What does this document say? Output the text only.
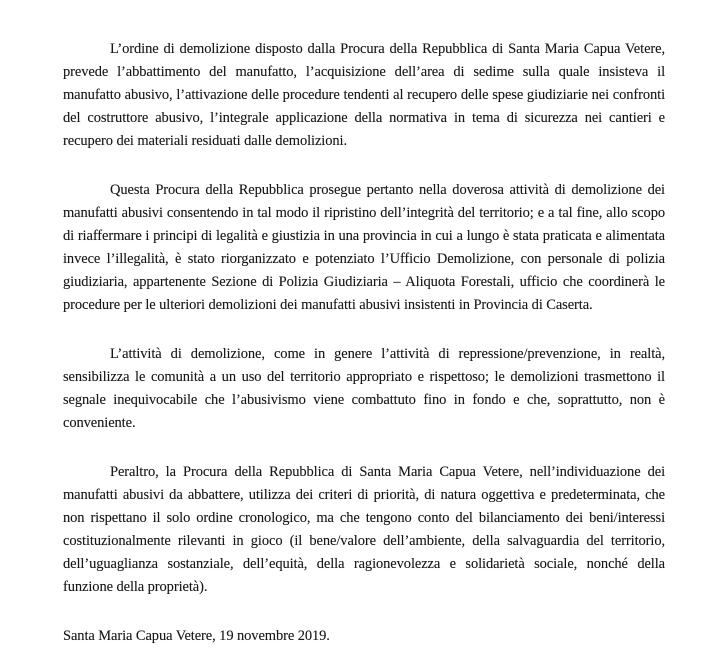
L’ordine di demolizione disposto dalla Procura della Repubblica di Santa Maria Capua Vetere, prevede l’abbattimento del manufatto, l’acquisizione dell’area di sedime sulla quale insisteva il manufatto abusivo, l’attivazione delle procedure tendenti al recupero delle spese giudiziarie nei confronti del costruttore abusivo, l’integrale applicazione della normativa in tema di sicurezza nei cantieri e recupero dei materiali residuati dalle demolizioni.

Questa Procura della Repubblica prosegue pertanto nella doverosa attività di demolizione dei manufatti abusivi consentendo in tal modo il ripristino dell’integrità del territorio; e a tal fine, allo scopo di riaffermare i principi di legalità e giustizia in una provincia in cui a lungo è stata praticata e alimentata invece l’illegalità, è stato riorganizzato e potenziato l’Ufficio Demolizione, con personale di polizia giudiziaria, appartenente Sezione di Polizia Giudiziaria – Aliquota Forestali, ufficio che coordinerà le procedure per le ulteriori demolizioni dei manufatti abusivi insistenti in Provincia di Caserta.

L’attività di demolizione, come in genere l’attività di repressione/prevenzione, in realtà, sensibilizza le comunità a un uso del territorio appropriato e rispettoso; le demolizioni trasmettono il segnale inequivocabile che l’abusivismo viene combattuto fino in fondo e che, soprattutto, non è conveniente.

Peraltro, la Procura della Repubblica di Santa Maria Capua Vetere, nell’individuazione dei manufatti abusivi da abbattere, utilizza dei criteri di priorità, di natura oggettiva e predeterminata, che non rispettano il solo ordine cronologico, ma che tengono conto del bilanciamento dei beni/interessi costituzionalmente rilevanti in gioco (il bene/valore dell’ambiente, della salvaguardia del territorio, dell’uguaglianza sostanziale, dell’equità, della ragionevolezza e solidarietà sociale, nonché della funzione della proprietà).

Santa Maria Capua Vetere, 19 novembre 2019.
